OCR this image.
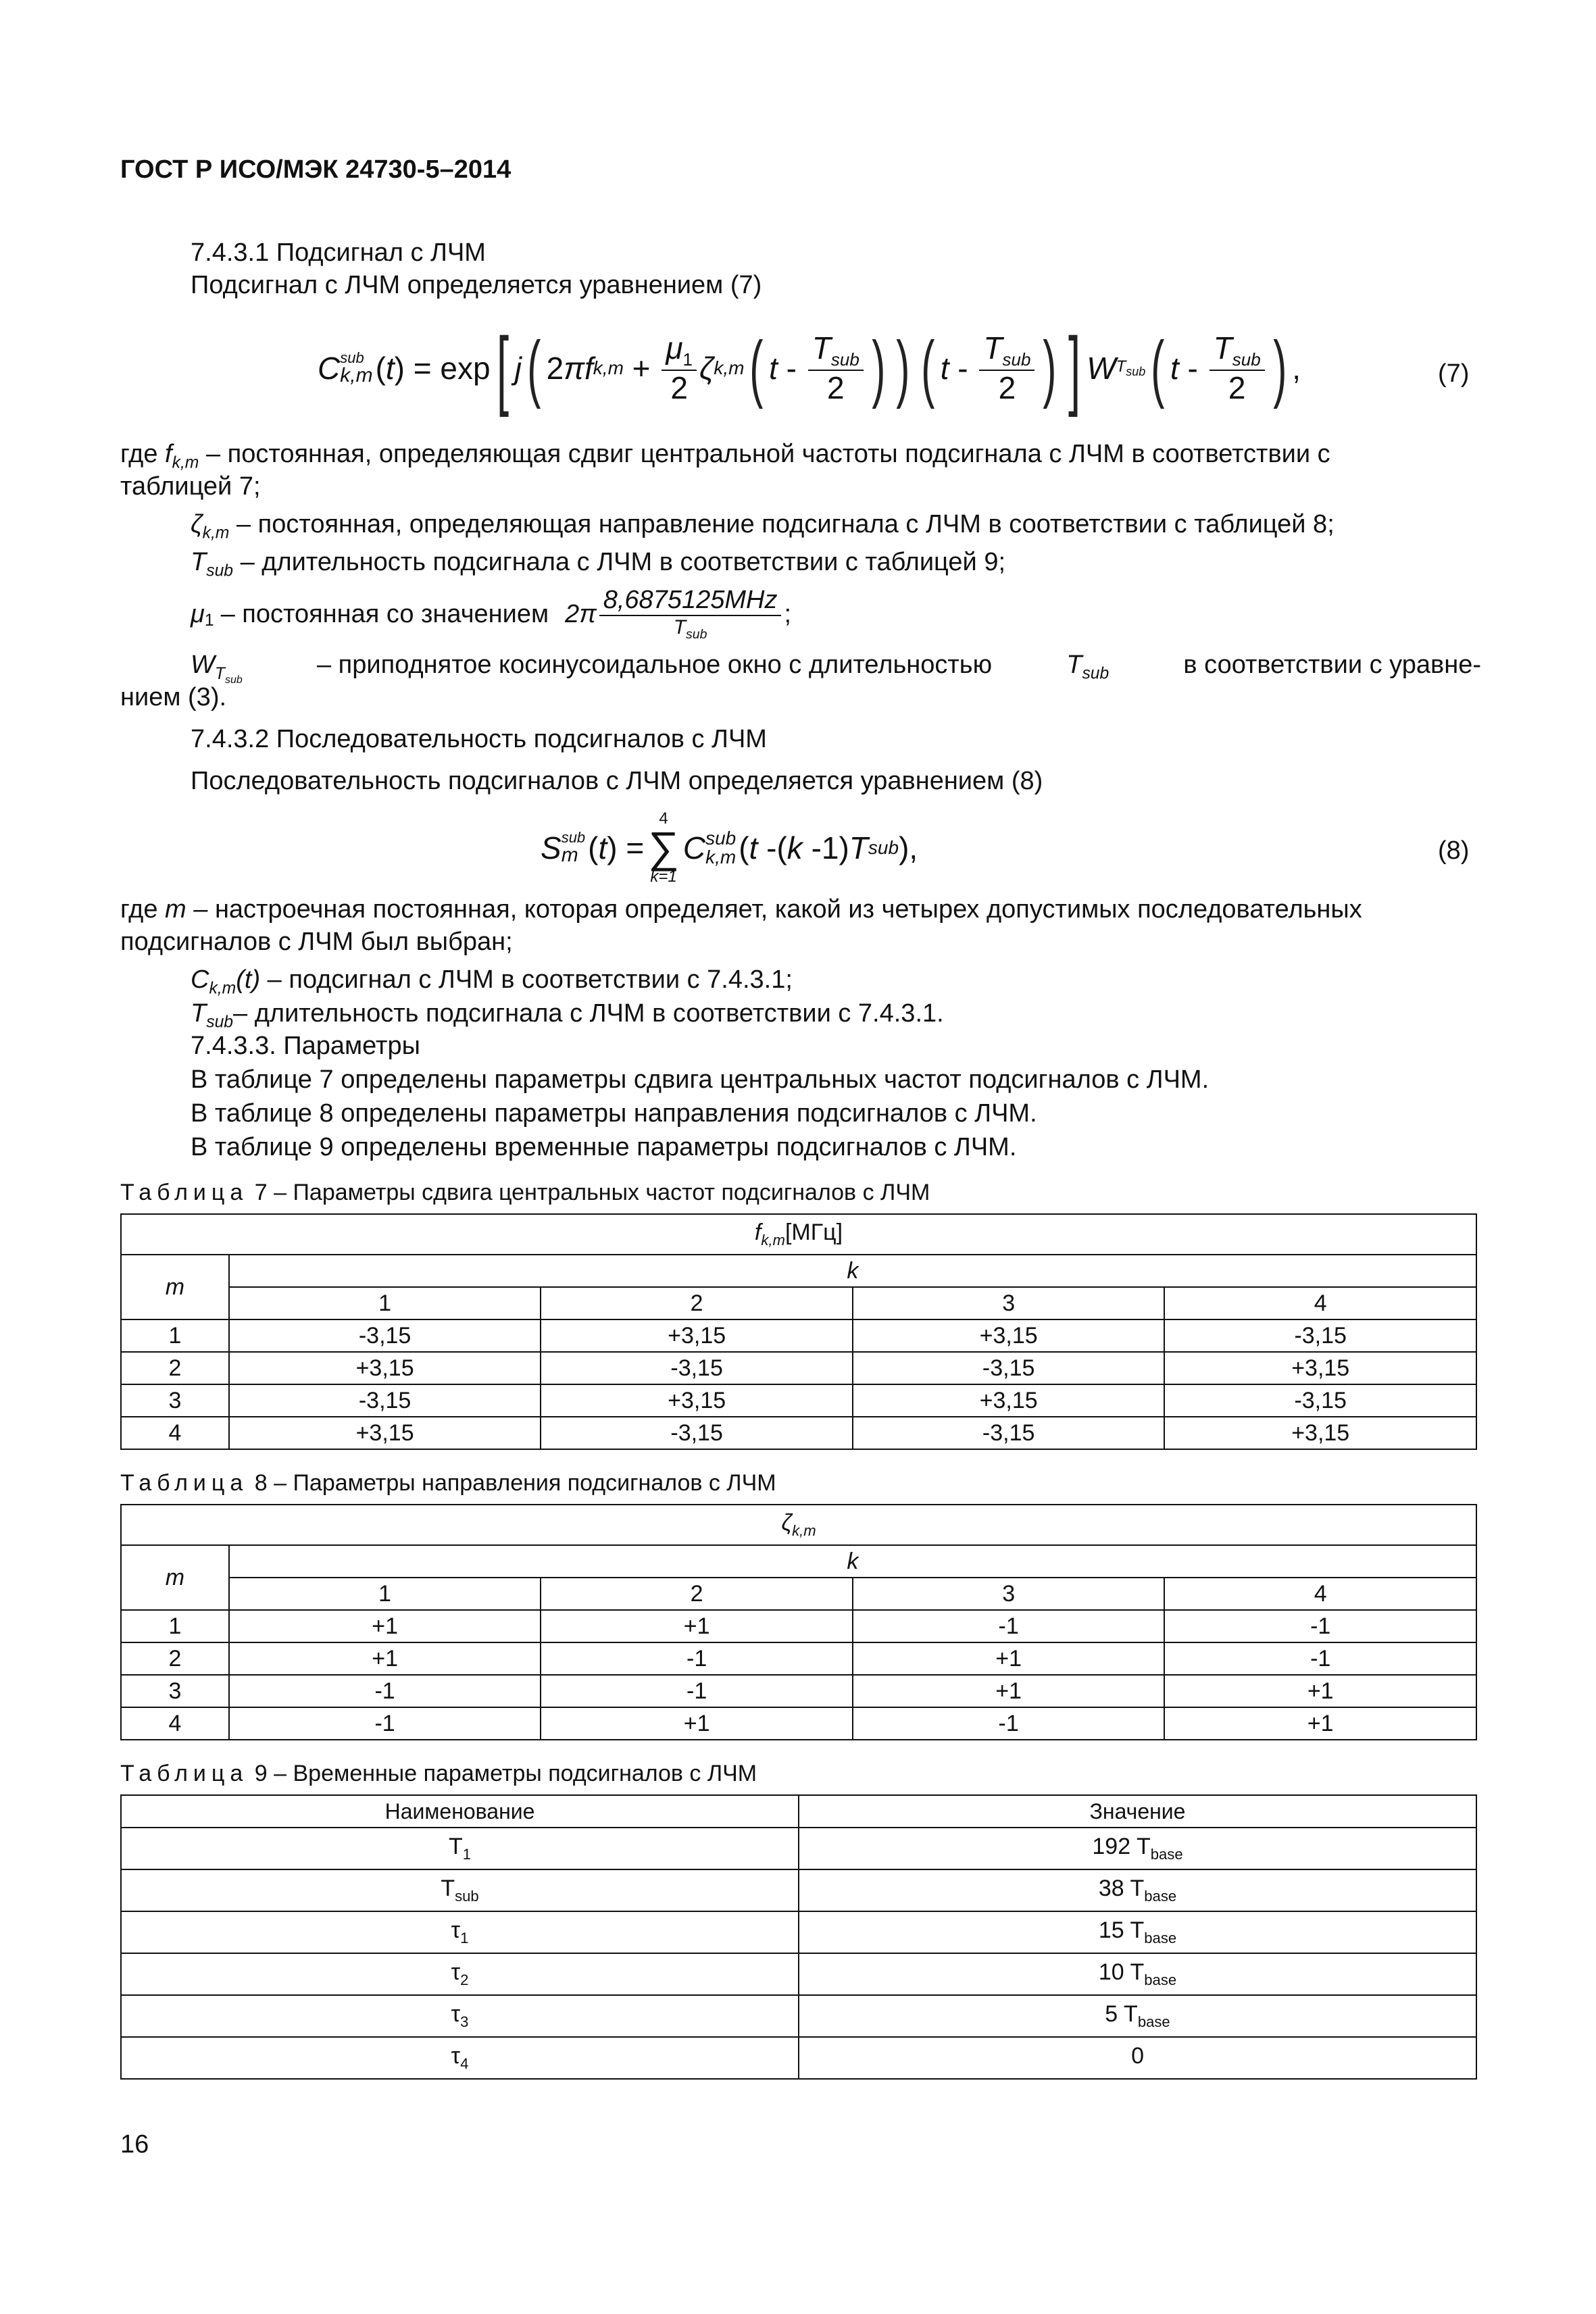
ГОСТ Р ИСО/МЭК 24730-5–2014
7.4.3.1 Подсигнал с ЛЧМ
Подсигнал с ЛЧМ определяется уравнением (7)
C sub
k,m ( t ) = exp [ j ( 2 πf $k,m + \frac{\mu_1}{2}$ ζ k,m ( t - $\frac{T_{sub}}{2}$ ) ) ( t - $\frac{T_{sub}}{2}$ ) ] W $T_{sub}$ ( t - $\frac{T_{sub}}{2}$ ) ,	(7)
где $f_{k,m}$ – постоянная, определяющая сдвиг центральной частоты подсигнала с ЛЧМ в соответствии с
таблицей 7;
$\zeta_{k,m}$ – постоянная, определяющая направление подсигнала с ЛЧМ в соответствии с таблицей 8;
$T_{sub}$ – длительность подсигнала с ЛЧМ в соответствии с таблицей 9;
$\mu_1$ – постоянная со значением $2\pi \frac{\text{8,6875125MHz}}{T_{sub}}$ ;
$W_{T_{sub}}$
– приподнятое косинусоидальное окно с длительностью	$T_{sub}$	в соответствии с уравне-
нием (3).
7.4.3.2 Последовательность подсигналов с ЛЧМ
Последовательность подсигналов с ЛЧМ определяется уравнением (8)
S sub
m ( t ) =
4
∑
k=1
C sub
k,m ( t -( k -1) T sub ),	(8)
где m – настроечная постоянная, которая определяет, какой из четырех допустимых последовательных
подсигналов с ЛЧМ был выбран;
$C_{k,m}(t)$ – подсигнал с ЛЧМ в соответствии с 7.4.3.1;
$T_{sub}-$ длительность подсигнала с ЛЧМ в соответствии с 7.4.3.1.
7.4.3.3. Параметры
В таблице 7 определены параметры сдвига центральных частот подсигналов с ЛЧМ.
В таблице 8 определены параметры направления подсигналов с ЛЧМ.
В таблице 9 определены временные параметры подсигналов с ЛЧМ.
Таблица 7 – Параметры сдвига центральных частот подсигналов с ЛЧМ
$f_{k,m}[МГц]$				
m	k			
	1	2	3	4
1	-3,15	+3,15	+3,15	-3,15
2	+3,15	-3,15	-3,15	+3,15
3	-3,15	+3,15	+3,15	-3,15
4	+3,15	-3,15	-3,15	+3,15
Таблица 8 – Параметры направления подсигналов с ЛЧМ
$\zeta_{k,m}$
m	k			
	1	2	3	4
1	+1	+1	-1	-1
2	+1	-1	+1	-1
3	-1	-1	+1	+1
4	-1	+1	-1	+1
Таблица 9 – Временные параметры подсигналов с ЛЧМ
Наименование	Значение
$T_1$	192 $T_{base}$
$T_{sub}$	38 $T_{base}$
$\tau_1$	15 $T_{base}$
$\tau_2$	10 $T_{base}$
$\tau_3$	5 $T_{base}$
$\tau_4$	0
16
